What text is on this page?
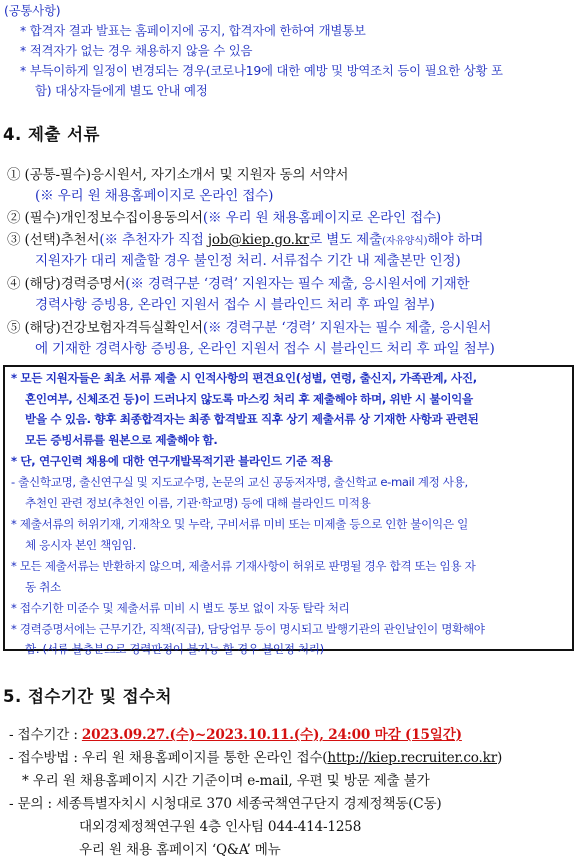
(공통사항)
* 합격자 결과 발표는 홈페이지에 공지, 합격자에 한하여 개별통보
* 적격자가 없는 경우 채용하지 않을 수 있음
* 부득이하게 일정이 변경되는 경우(코로나19에 대한 예방 및 방역조치 등이 필요한 상황 포
함) 대상자들에게 별도 안내 예정
4. 제출 서류
① (공통-필수)응시원서, 자기소개서 및 지원자 동의 서약서
(※ 우리 원 채용홈페이지로 온라인 접수)
② (필수)개인정보수집이용동의서(※ 우리 원 채용홈페이지로 온라인 접수)
③ (선택)추천서(※ 추천자가 직접 job@kiep.go.kr로 별도 제출(자유양식)해야 하며
지원자가 대리 제출할 경우 불인정 처리. 서류접수 기간 내 제출본만 인정)
④ (해당)경력증명서(※ 경력구분 ‘경력’ 지원자는 필수 제출, 응시원서에 기재한
경력사항 증빙용, 온라인 지원서 접수 시 블라인드 처리 후 파일 첨부)
⑤ (해당)건강보험자격득실확인서(※ 경력구분 ‘경력’ 지원자는 필수 제출, 응시원서
에 기재한 경력사항 증빙용, 온라인 지원서 접수 시 블라인드 처리 후 파일 첨부)
* 모든 지원자들은 최초 서류 제출 시 인적사항의 편견요인(성별, 연령, 출신지, 가족관계, 사진,
혼인여부, 신체조건 등)이 드러나지 않도록 마스킹 처리 후 제출해야 하며, 위반 시 불이익을
받을 수 있음. 향후 최종합격자는 최종 합격발표 직후 상기 제출서류 상 기재한 사항과 관련된
모든 증빙서류를 원본으로 제출해야 함.
* 단, 연구인력 채용에 대한 연구개발목적기관 블라인드 기준 적용
- 출신학교명, 출신연구실 및 지도교수명, 논문의 교신 공동저자명, 출신학교 e-mail 계정 사용,
추천인 관련 정보(추천인 이름, 기관·학교명) 등에 대해 블라인드 미적용
* 제출서류의 허위기재, 기재착오 및 누락, 구비서류 미비 또는 미제출 등으로 인한 불이익은 일
체 응시자 본인 책임임.
* 모든 제출서류는 반환하지 않으며, 제출서류 기재사항이 허위로 판명될 경우 합격 또는 임용 자
동 취소
* 접수기한 미준수 및 제출서류 미비 시 별도 통보 없이 자동 탈락 처리
* 경력증명서에는 근무기간, 직책(직급), 담당업무 등이 명시되고 발행기관의 관인날인이 명확해야
함. (서류 불충분으로 경력판정이 불가능 할 경우 불인정 처리)
5. 접수기간 및 접수처
- 접수기간 : 2023.09.27.(수)~2023.10.11.(수), 24:00 마감 (15일간)
- 접수방법 : 우리 원 채용홈페이지를 통한 온라인 접수(http://kiep.recruiter.co.kr)
* 우리 원 채용홈페이지 시간 기준이며 e-mail, 우편 및 방문 제출 불가
- 문의 : 세종특별자치시 시청대로 370 세종국책연구단지 경제정책동(C동)
대외경제정책연구원 4층 인사팀 044-414-1258
우리 원 채용 홈페이지 ‘Q&A’ 메뉴
